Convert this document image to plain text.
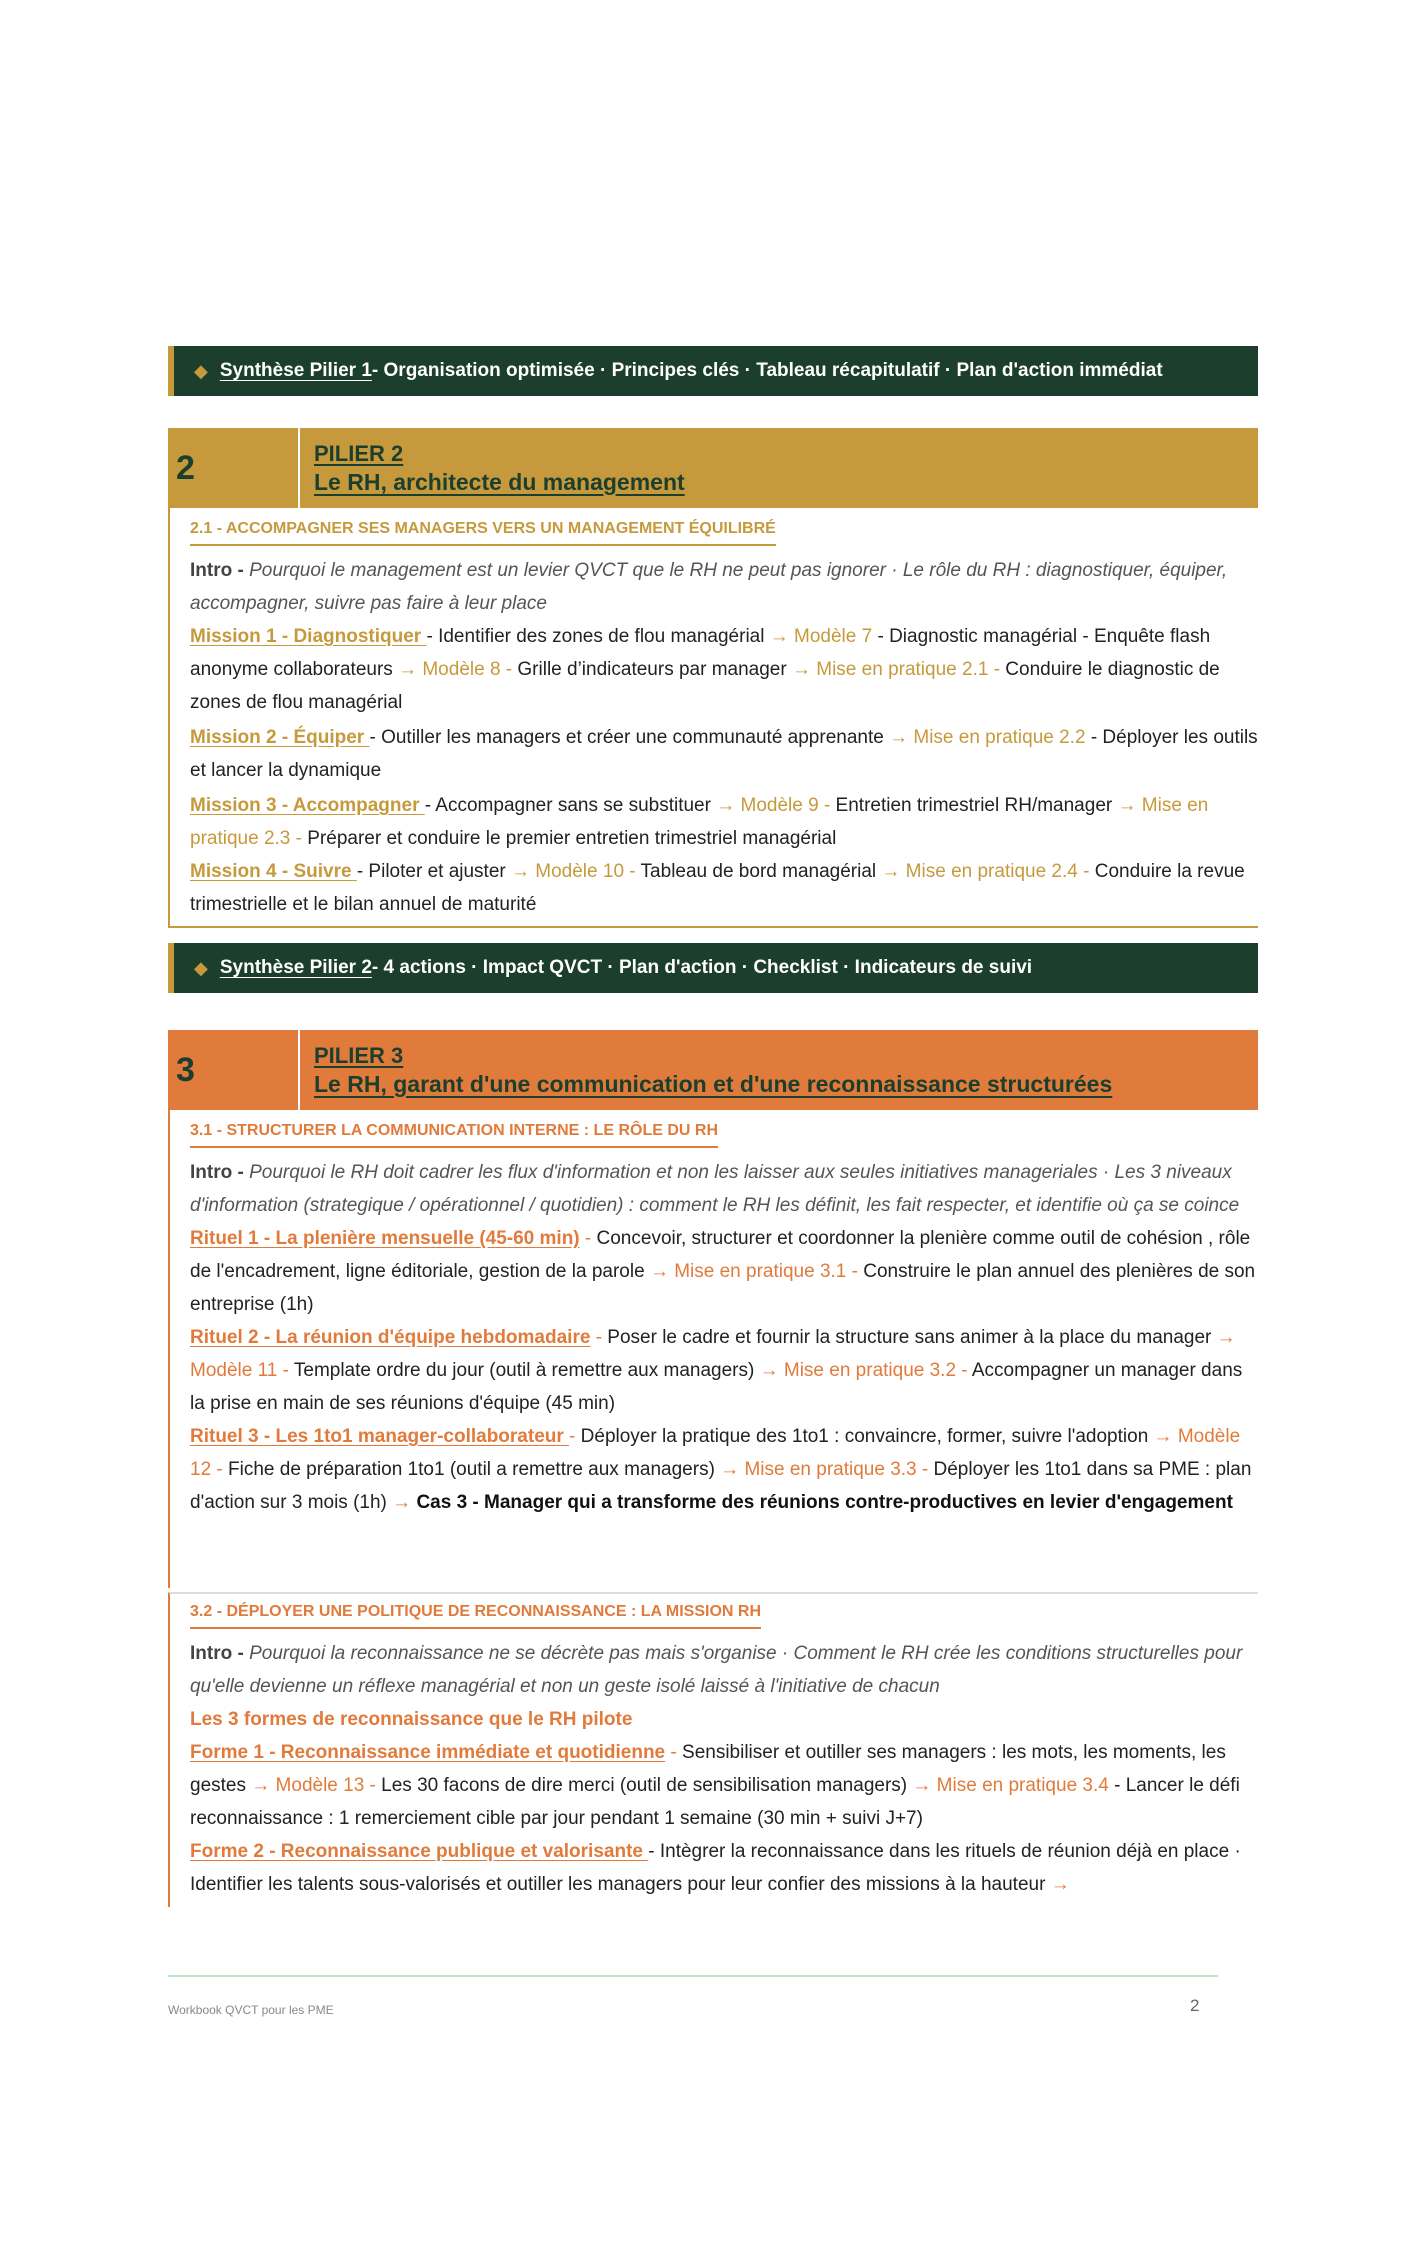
◆ Synthèse Pilier 1 - Organisation optimisée · Principes clés · Tableau récapitulatif · Plan d'action immédiat
2	PILIER 2
Le RH, architecte du management
2.1 - ACCOMPAGNER SES MANAGERS VERS UN MANAGEMENT ÉQUILIBRÉ

Intro - Pourquoi le management est un levier QVCT que le RH ne peut pas ignorer · Le rôle du RH : diagnostiquer, équiper, accompagner, suivre pas faire à leur place

Mission 1 - Diagnostiquer - Identifier des zones de flou managérial → Modèle 7 - Diagnostic managérial - Enquête flash anonyme collaborateurs → Modèle 8 - Grille d’indicateurs par manager → Mise en pratique 2.1 - Conduire le diagnostic de zones de flou managérial

Mission 2 - Équiper - Outiller les managers et créer une communauté apprenante → Mise en pratique 2.2 - Déployer les outils et lancer la dynamique

Mission 3 - Accompagner - Accompagner sans se substituer → Modèle 9 - Entretien trimestriel RH/manager → Mise en pratique 2.3 - Préparer et conduire le premier entretien trimestriel managérial

Mission 4 - Suivre - Piloter et ajuster → Modèle 10 - Tableau de bord managérial → Mise en pratique 2.4 - Conduire la revue trimestrielle et le bilan annuel de maturité

◆ Synthèse Pilier 2 - 4 actions · Impact QVCT · Plan d'action · Checklist · Indicateurs de suivi
3	PILIER 3
Le RH, garant d'une communication et d'une reconnaissance structurées
3.1 - STRUCTURER LA COMMUNICATION INTERNE : LE RÔLE DU RH

Intro - Pourquoi le RH doit cadrer les flux d'information et non les laisser aux seules initiatives manageriales · Les 3 niveaux d'information (strategique / opérationnel / quotidien) : comment le RH les définit, les fait respecter, et identifie où ça se coince

Rituel 1 - La plenière mensuelle (45-60 min) - Concevoir, structurer et coordonner la plenière comme outil de cohésion , rôle de l'encadrement, ligne éditoriale, gestion de la parole → Mise en pratique 3.1 - Construire le plan annuel des plenières de son entreprise (1h)

Rituel 2 - La réunion d'équipe hebdomadaire - Poser le cadre et fournir la structure sans animer à la place du manager → Modèle 11 - Template ordre du jour (outil à remettre aux managers) → Mise en pratique 3.2 - Accompagner un manager dans la prise en main de ses réunions d'équipe (45 min)

Rituel 3 - Les 1to1 manager-collaborateur - Déployer la pratique des 1to1 : convaincre, former, suivre l'adoption → Modèle 12 - Fiche de préparation 1to1 (outil a remettre aux managers) → Mise en pratique 3.3 - Déployer les 1to1 dans sa PME : plan d'action sur 3 mois (1h) → Cas 3 - Manager qui a transforme des réunions contre-productives en levier d'engagement

3.2 - DÉPLOYER UNE POLITIQUE DE RECONNAISSANCE : LA MISSION RH

Intro - Pourquoi la reconnaissance ne se décrète pas mais s'organise · Comment le RH crée les conditions structurelles pour qu'elle devienne un réflexe managérial et non un geste isolé laissé à l'initiative de chacun

Les 3 formes de reconnaissance que le RH pilote

Forme 1 - Reconnaissance immédiate et quotidienne - Sensibiliser et outiller ses managers : les mots, les moments, les gestes → Modèle 13 - Les 30 facons de dire merci (outil de sensibilisation managers) → Mise en pratique 3.4 - Lancer le défi reconnaissance : 1 remerciement cible par jour pendant 1 semaine (30 min + suivi J+7)

Forme 2 - Reconnaissance publique et valorisante - Intègrer la reconnaissance dans les rituels de réunion déjà en place · Identifier les talents sous-valorisés et outiller les managers pour leur confier des missions à la hauteur →

Workbook QVCT pour les PME	2
